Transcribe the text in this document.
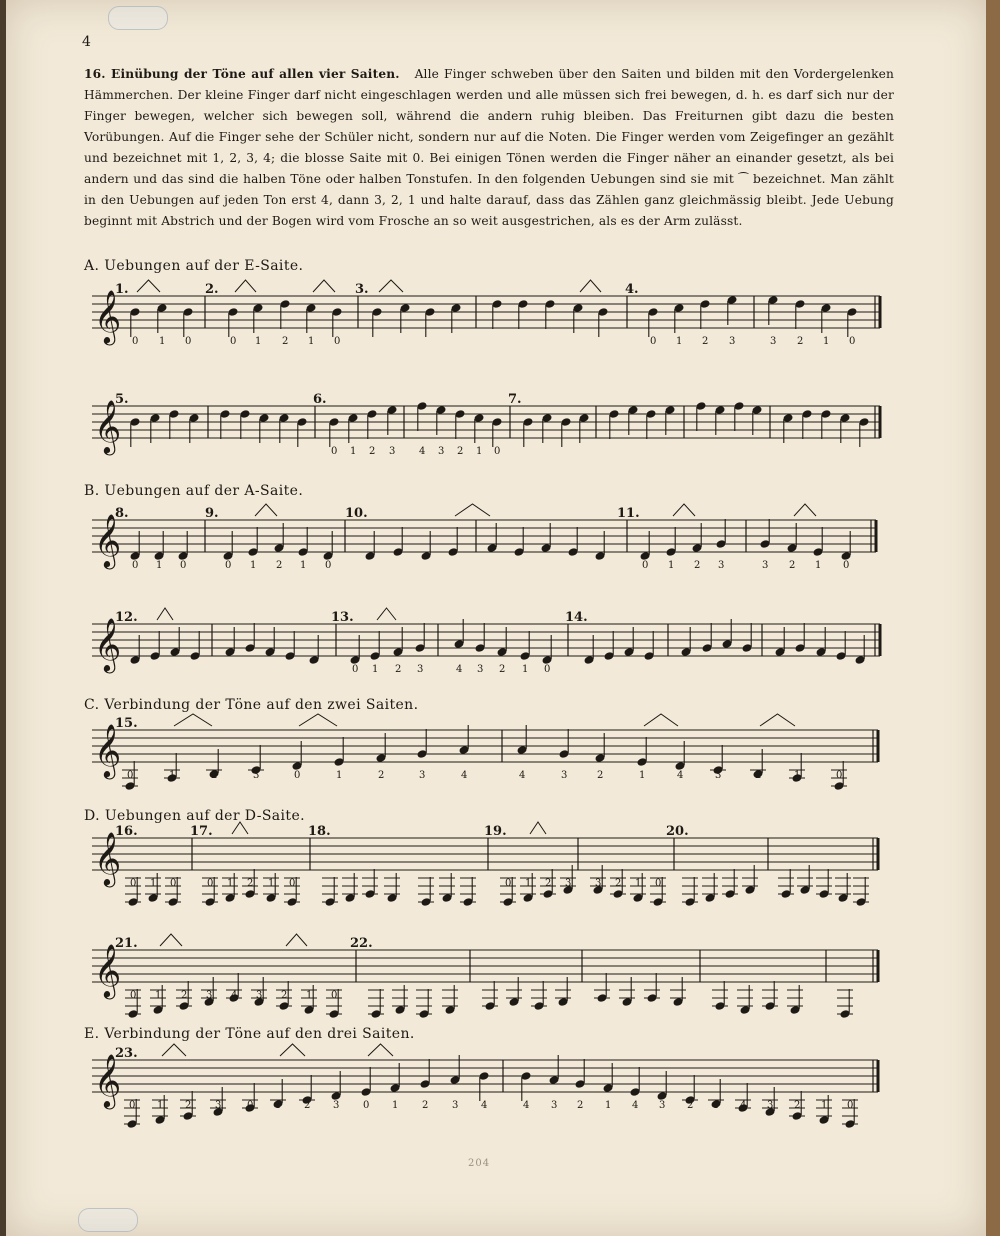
4

16. Einübung der Töne auf allen vier Saiten. Alle Finger schweben über den Saiten und bilden mit den Vordergelenken Hämmerchen. Der kleine Finger darf nicht eingeschlagen werden und alle müssen sich frei bewegen, d. h. es darf sich nur der Finger bewegen, welcher sich bewegen soll, während die andern ruhig bleiben. Das Freiturnen gibt dazu die besten Vorübungen. Auf die Finger sehe der Schüler nicht, sondern nur auf die Noten. Die Finger werden vom Zeigefinger an gezählt und bezeichnet mit 1, 2, 3, 4; die blosse Saite mit 0. Bei einigen Tönen werden die Finger näher an einander gesetzt, als bei andern und das sind die halben Töne oder halben Tonstufen. In den folgenden Uebungen sind sie mit ⁀ bezeichnet. Man zählt in den Uebungen auf jeden Ton erst 4, dann 3, 2, 1 und halte darauf, dass das Zählen ganz gleichmässig bleibt. Jede Uebung beginnt mit Abstrich und der Bogen wird vom Frosche an so weit ausgestrichen, als es der Arm zulässt.

A. Uebungen auf der E-Saite.
B. Uebungen auf der A-Saite.
C. Verbindung der Töne auf den zwei Saiten.
D. Uebungen auf der D-Saite.
E. Verbindung der Töne auf den drei Saiten.
𝄞
1.	2.	3.	4.
0 1 0	0 1 2 1 0	0 1 2 3	3 2 1 0
𝄞
5.	6.	7.
0 1 2 3 4 3 2 1 0
𝄞
8.	9.	10.	11.
0 1 0	0 1 2 1 0	0 1 2 3	3 2 1 0
𝄞
12.	13.	14.
0 1 2 3	4 3 2 1 0
𝄞
15.
0	1	2	3	0	1	2	3	4	4	3	2	1	4	3	2	1	0
𝄞
16.	17.	18.	19.	20.
0 1 0	0 1 2 1 0	0 1 2 3 3 2 1 0
𝄞
21.	22.
0 1 2 3 4 3 2 1 0
𝄞
23.
0 1 2 3	0 1 2 3 0 1 2 3 4	4 3 2 1 4 3 2 1 4 3 2 1 0
204
